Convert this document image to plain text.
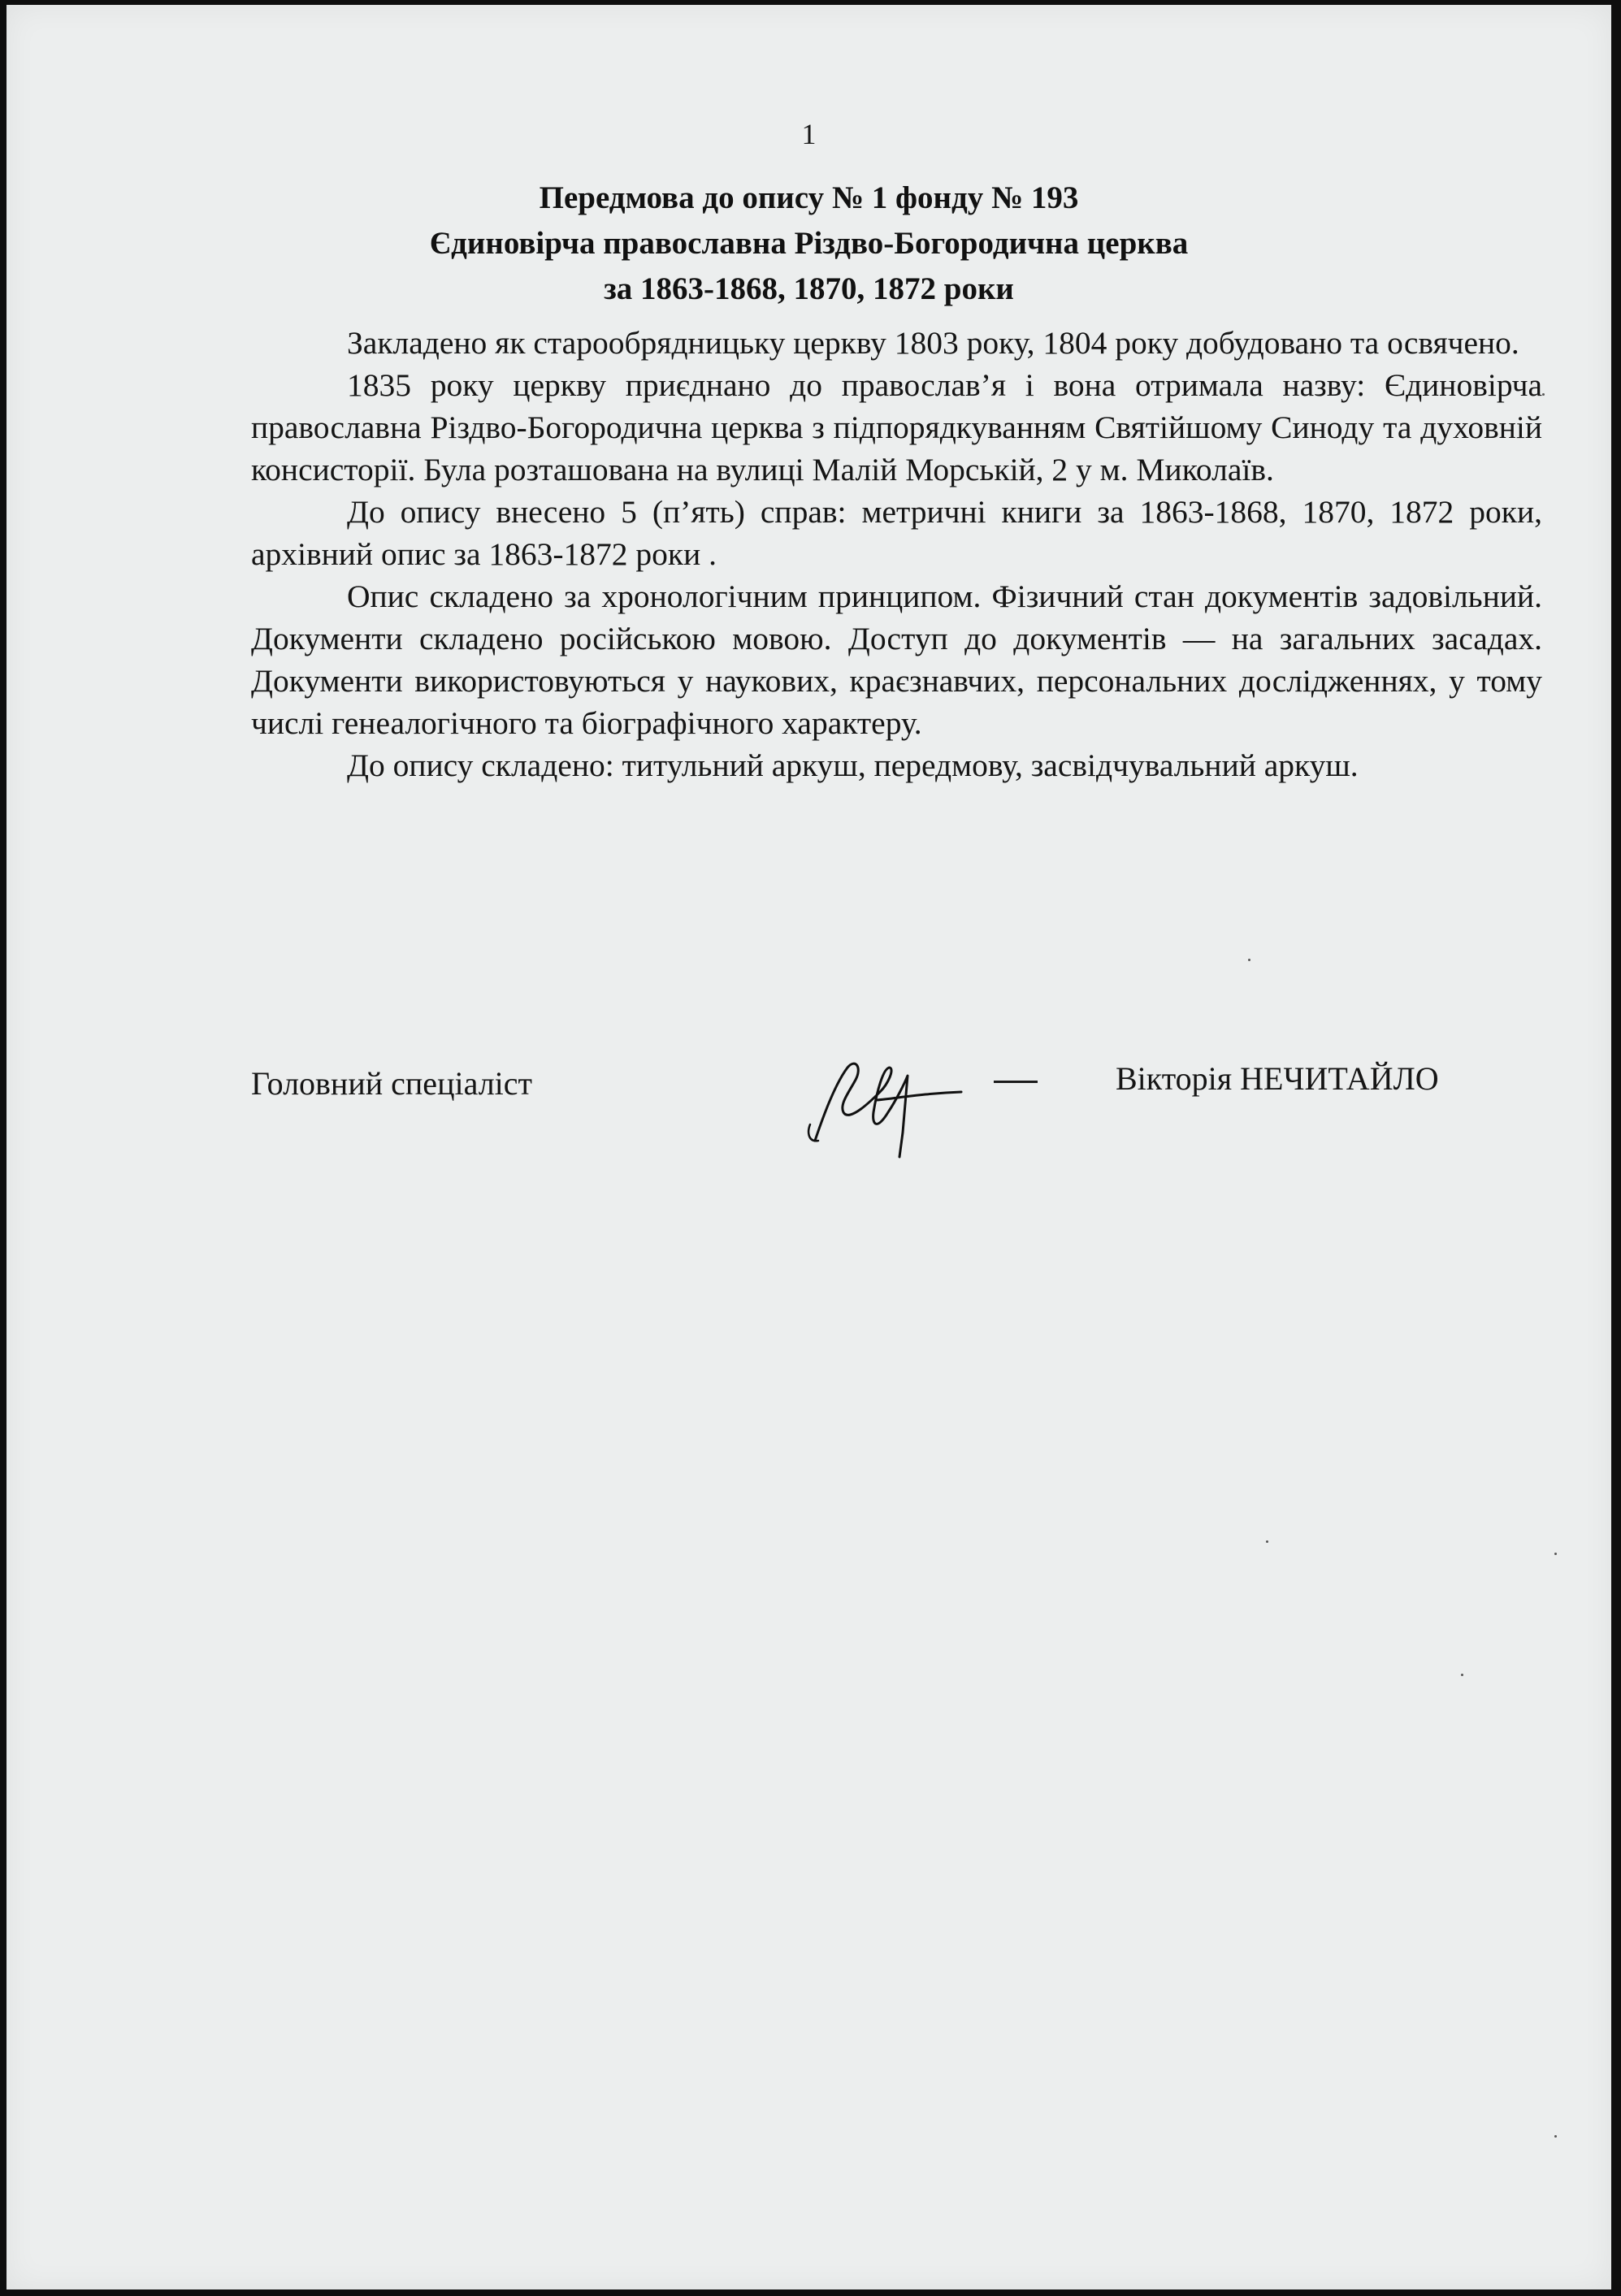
1
Передмова до опису № 1 фонду № 193
Єдиновірча православна Різдво-Богородична церква
за 1863-1868, 1870, 1872 роки

Закладено як старообрядницьку церкву 1803 року, 1804 року добудовано та освячено.

1835 року церкву приєднано до православ’я і вона отримала назву: Єдиновірча православна Різдво-Богородична церква з підпорядкуванням Святійшому Синоду та духовній консисторії. Була розташована на вулиці Малій Морській, 2 у м. Миколаїв.

До опису внесено 5 (п’ять) справ: метричні книги за 1863-1868, 1870, 1872 роки, архівний опис за 1863-1872 роки .

Опис складено за хронологічним принципом. Фізичний стан документів задовільний. Документи складено російською мовою. Доступ до документів — на загальних засадах. Документи використовуються у наукових, краєзнавчих, персональних дослідженнях, у тому числі генеалогічного та біографічного характеру.

До опису складено: титульний аркуш, передмову, засвідчувальний аркуш.

Головний спеціаліст	Вікторія НЕЧИТАЙЛО
